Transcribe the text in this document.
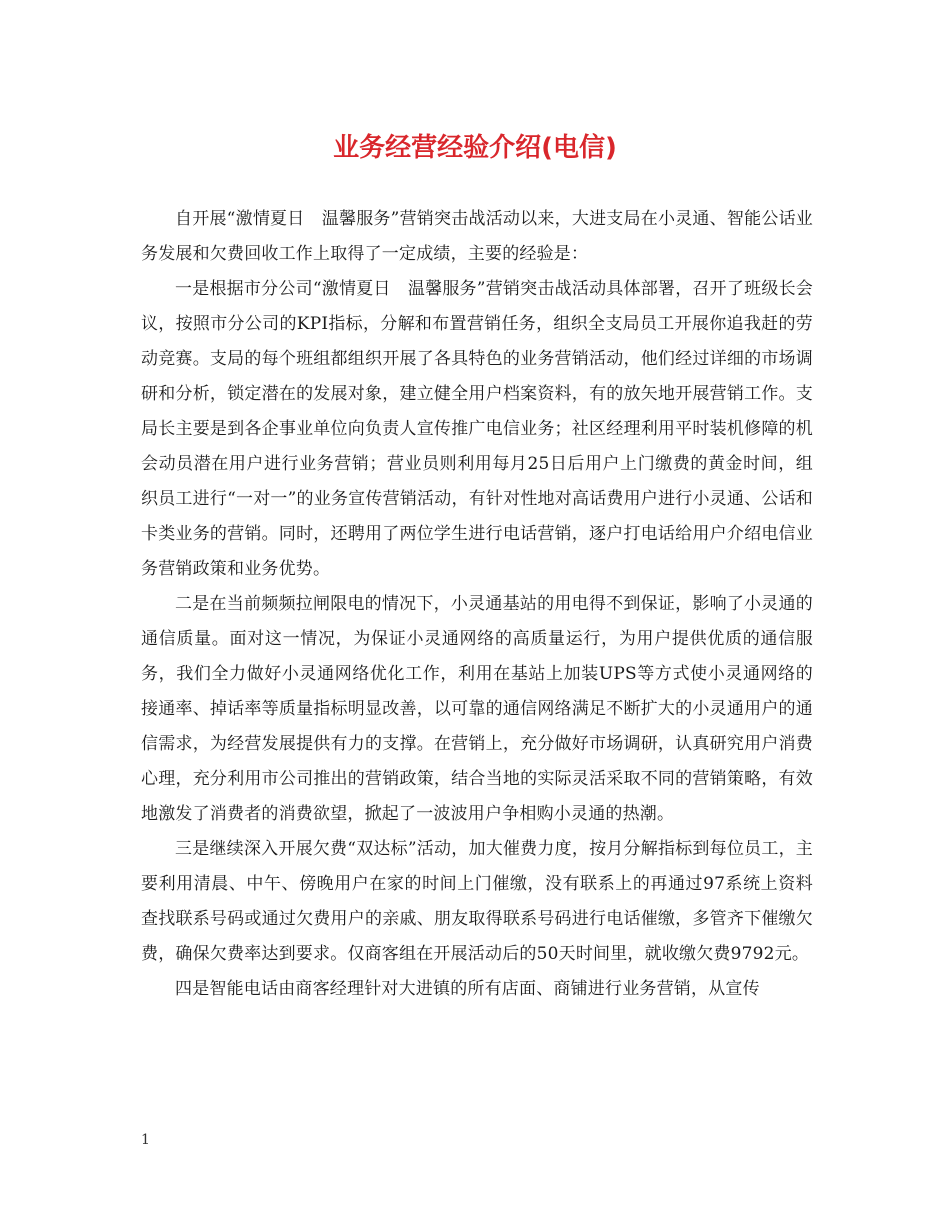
业务经营经验介绍(电信)

自开展“激情夏日　温馨服务”营销突击战活动以来，大进支局在小灵通、智能公话业务发展和欠费回收工作上取得了一定成绩，主要的经验是：

一是根据市分公司“激情夏日　温馨服务”营销突击战活动具体部署，召开了班级长会议，按照市分公司的KPI指标，分解和布置营销任务，组织全支局员工开展你追我赶的劳动竞赛。支局的每个班组都组织开展了各具特色的业务营销活动，他们经过详细的市场调研和分析，锁定潜在的发展对象，建立健全用户档案资料，有的放矢地开展营销工作。支局长主要是到各企事业单位向负责人宣传推广电信业务；社区经理利用平时装机修障的机会动员潜在用户进行业务营销；营业员则利用每月25日后用户上门缴费的黄金时间，组织员工进行“一对一”的业务宣传营销活动，有针对性地对高话费用户进行小灵通、公话和卡类业务的营销。同时，还聘用了两位学生进行电话营销，逐户打电话给用户介绍电信业务营销政策和业务优势。

二是在当前频频拉闸限电的情况下，小灵通基站的用电得不到保证，影响了小灵通的通信质量。面对这一情况，为保证小灵通网络的高质量运行，为用户提供优质的通信服务，我们全力做好小灵通网络优化工作，利用在基站上加装UPS等方式使小灵通网络的接通率、掉话率等质量指标明显改善，以可靠的通信网络满足不断扩大的小灵通用户的通信需求，为经营发展提供有力的支撑。在营销上，充分做好市场调研，认真研究用户消费心理，充分利用市公司推出的营销政策，结合当地的实际灵活采取不同的营销策略，有效地激发了消费者的消费欲望，掀起了一波波用户争相购小灵通的热潮。

三是继续深入开展欠费“双达标”活动，加大催费力度，按月分解指标到每位员工，主要利用清晨、中午、傍晚用户在家的时间上门催缴，没有联系上的再通过97系统上资料查找联系号码或通过欠费用户的亲戚、朋友取得联系号码进行电话催缴，多管齐下催缴欠费，确保欠费率达到要求。仅商客组在开展活动后的50天时间里，就收缴欠费9792元。

四是智能电话由商客经理针对大进镇的所有店面、商铺进行业务营销，从宣传

1
